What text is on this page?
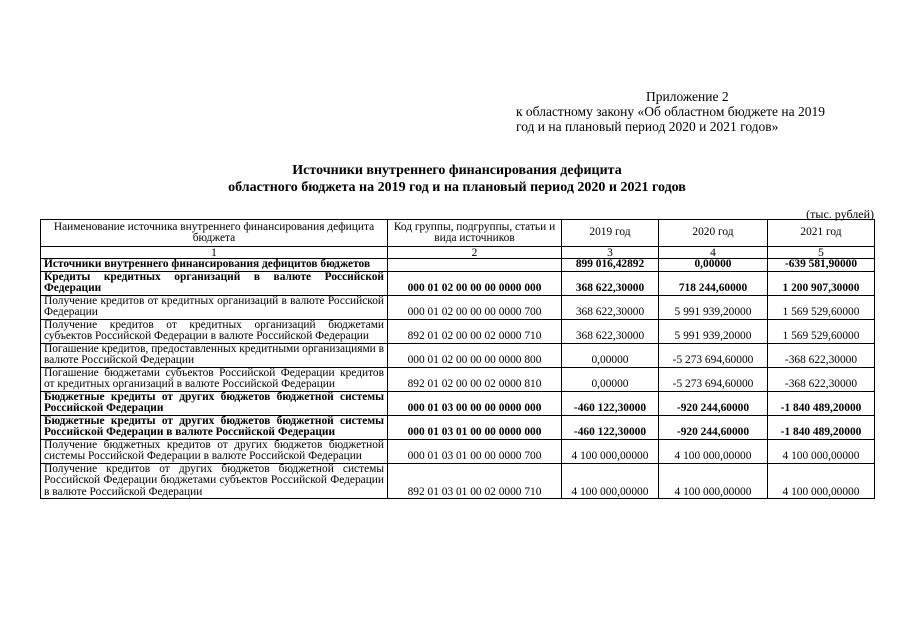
Приложение 2
к областному закону «Об областном бюджете на 2019
год и на плановый период 2020 и 2021 годов»
Источники внутреннего финансирования дефицита
областного бюджета на 2019 год и на плановый период 2020 и 2021 годов
(тыс. рублей)
Наименование источника внутреннего финансирования дефицита бюджета	Код группы, подгруппы, статьи и вида источников	2019 год	2020 год	2021 год
1	2	3	4	5
Источники внутреннего финансирования дефицитов бюджетов		899 016,42892	0,00000	-639 581,90000
Кредиты кредитных организаций в валюте Российской Федерации	000 01 02 00 00 00 0000 000	368 622,30000	718 244,60000	1 200 907,30000
Получение кредитов от кредитных организаций в валюте Российской Федерации	000 01 02 00 00 00 0000 700	368 622,30000	5 991 939,20000	1 569 529,60000
Получение кредитов от кредитных организаций бюджетами субъектов Российской Федерации в валюте Российской Федерации	892 01 02 00 00 02 0000 710	368 622,30000	5 991 939,20000	1 569 529,60000
Погашение кредитов, предоставленных кредитными организациями в валюте Российской Федерации	000 01 02 00 00 00 0000 800	0,00000	-5 273 694,60000	-368 622,30000
Погашение бюджетами субъектов Российской Федерации кредитов от кредитных организаций в валюте Российской Федерации	892 01 02 00 00 02 0000 810	0,00000	-5 273 694,60000	-368 622,30000
Бюджетные кредиты от других бюджетов бюджетной системы Российской Федерации	000 01 03 00 00 00 0000 000	-460 122,30000	-920 244,60000	-1 840 489,20000
Бюджетные кредиты от других бюджетов бюджетной системы Российской Федерации в валюте Российской Федерации	000 01 03 01 00 00 0000 000	-460 122,30000	-920 244,60000	-1 840 489,20000
Получение бюджетных кредитов от других бюджетов бюджетной системы Российской Федерации в валюте Российской Федерации	000 01 03 01 00 00 0000 700	4 100 000,00000	4 100 000,00000	4 100 000,00000
Получение кредитов от других бюджетов бюджетной системы Российской Федерации бюджетами субъектов Российской Федерации в валюте Российской Федерации	892 01 03 01 00 02 0000 710	4 100 000,00000	4 100 000,00000	4 100 000,00000
